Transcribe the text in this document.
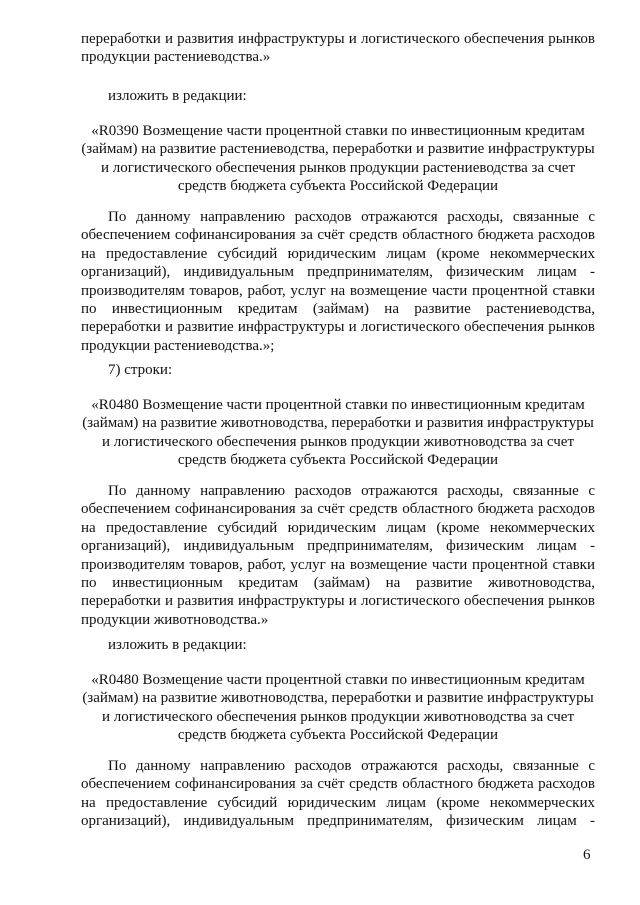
переработки и развития инфраструктуры и логистического обеспечения рынков продукции растениеводства.»

изложить в редакции:

«R0390 Возмещение части процентной ставки по инвестиционным кредитам (займам) на развитие растениеводства, переработки и развитие инфраструктуры и логистического обеспечения рынков продукции растениеводства за счет средств бюджета субъекта Российской Федерации

По данному направлению расходов отражаются расходы, связанные с обеспечением софинансирования за счёт средств областного бюджета расходов на предоставление субсидий юридическим лицам (кроме некоммерческих организаций), индивидуальным предпринимателям, физическим лицам - производителям товаров, работ, услуг на возмещение части процентной ставки по инвестиционным кредитам (займам) на развитие растениеводства, переработки и развитие инфраструктуры и логистического обеспечения рынков продукции растениеводства.»;

7) строки:

«R0480 Возмещение части процентной ставки по инвестиционным кредитам (займам) на развитие животноводства, переработки и развития инфраструктуры и логистического обеспечения рынков продукции животноводства за счет средств бюджета субъекта Российской Федерации

По данному направлению расходов отражаются расходы, связанные с обеспечением софинансирования за счёт средств областного бюджета расходов на предоставление субсидий юридическим лицам (кроме некоммерческих организаций), индивидуальным предпринимателям, физическим лицам - производителям товаров, работ, услуг на возмещение части процентной ставки по инвестиционным кредитам (займам) на развитие животноводства, переработки и развития инфраструктуры и логистического обеспечения рынков продукции животноводства.»

изложить в редакции:

«R0480 Возмещение части процентной ставки по инвестиционным кредитам (займам) на развитие животноводства, переработки и развитие инфраструктуры и логистического обеспечения рынков продукции животноводства за счет средств бюджета субъекта Российской Федерации

По данному направлению расходов отражаются расходы, связанные с обеспечением софинансирования за счёт средств областного бюджета расходов на предоставление субсидий юридическим лицам (кроме некоммерческих организаций), индивидуальным предпринимателям, физическим лицам -

6
